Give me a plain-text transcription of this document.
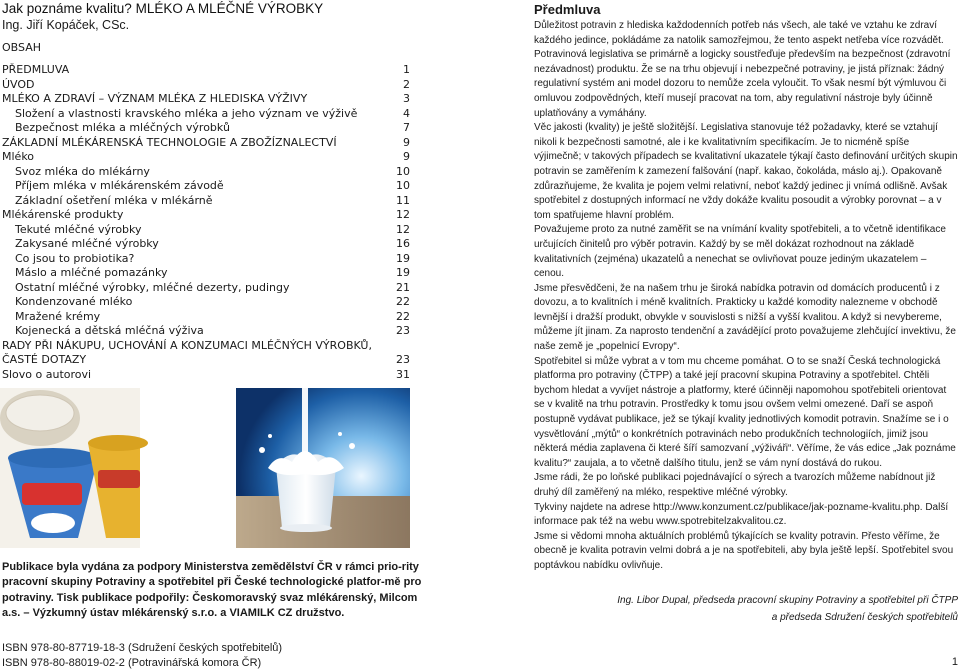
Jak poznáme kvalitu? MLÉKO A MLÉČNÉ VÝROBKY
Ing. Jiří Kopáček, CSc.
OBSAH
PŘEDMLUVA	1
ÚVOD	2
MLÉKO A ZDRAVÍ – VÝZNAM MLÉKA Z HLEDISKA VÝŽIVY	3
Složení a vlastnosti kravského mléka a jeho význam ve výživě	4
Bezpečnost mléka a mléčných výrobků	7
ZÁKLADNÍ MLÉKÁRENSKÁ TECHNOLOGIE A ZBOŽÍZNALECTVÍ	9
Mléko	9
Svoz mléka do mlékárny	10
Příjem mléka v mlékárenském závodě	10
Základní ošetření mléka v mlékárně	11
Mlékárenské produkty	12
Tekuté mléčné výrobky	12
Zakysané mléčné výrobky	16
Co jsou to probiotika?	19
Máslo a mléčné pomazánky	19
Ostatní mléčné výrobky, mléčné dezerty, pudingy	21
Kondenzované mléko	22
Mražené krémy	22
Kojenecká a dětská mléčná výživa	23
RADY PŘI NÁKUPU, UCHOVÁNÍ A KONZUMACI MLÉČNÝCH VÝROBKŮ,
ČASTÉ DOTAZY	23
Slovo o autorovi	31
Publikace byla vydána za podpory Ministerstva zemědělství ČR v rámci prio-rity pracovní skupiny Potraviny a spotřebitel při České technologické platfor-mě pro potraviny. Tisk publikace podpořily: Českomoravský svaz mlékárenský, Milcom a.s. – Výzkumný ústav mlékárenský s.r.o. a VIAMILK CZ družstvo.
ISBN 978-80-87719-18-3 (Sdružení českých spotřebitelů)
ISBN 978-80-88019-02-2 (Potravinářská komora ČR)	1
Předmluva

Důležitost potravin z hlediska každodenních potřeb nás všech, ale také ve vztahu ke zdraví každého jedince, pokládáme za natolik samozřejmou, že tento aspekt netřeba více rozvádět.

Potravinová legislativa se primárně a logicky soustřeďuje především na bezpečnost (zdravotní nezávadnost) produktu. Že se na trhu objevují i nebezpečné potraviny, je jistá příznak: žádný regulativní systém ani model dozoru to nemůže zcela vyloučit. To však nesmí být výmluvou či omluvou zodpovědných, kteří musejí pracovat na tom, aby regulativní nástroje byly účinně uplatňovány a vymáhány.

Věc jakosti (kvality) je ještě složitější. Legislativa stanovuje též požadavky, které se vztahují nikoli k bezpečnosti samotné, ale i ke kvalitativním specifikacím. Je to nicméně spíše výjimečně; v takových případech se kvalitativní ukazatele týkají často definování určitých skupin potravin se zaměřením k zamezení falšování (např. kakao, čokoláda, máslo aj.). Opakovaně zdůrazňujeme, že kvalita je pojem velmi relativní, neboť každý jedinec ji vnímá odlišně. Avšak spotřebitel z dostupných informací ne vždy dokáže kvalitu posoudit a výrobky porovnat – a v tom spatřujeme hlavní problém.

Považujeme proto za nutné zaměřit se na vnímání kvality spotřebiteli, a to včetně identifikace určujících činitelů pro výběr potravin. Každý by se měl dokázat rozhodnout na základě kvalitativních (zejména) ukazatelů a nenechat se ovlivňovat pouze jediným ukazatelem – cenou.

Jsme přesvědčeni, že na našem trhu je široká nabídka potravin od domácích producentů i z dovozu, a to kvalitních i méně kvalitních. Prakticky u každé komodity nalezneme v obchodě levnější i dražší produkt, obvykle v souvislosti s nižší a vyšší kvalitou. A když si nevybereme, můžeme jít jinam. Za naprosto tendenční a zavádějící proto považujeme zlehčující invektivu, že naše země je „popelnicí Evropy“.

Spotřebitel si může vybrat a v tom mu chceme pomáhat. O to se snaží Česká technologická platforma pro potraviny (ČTPP) a také její pracovní skupina Potraviny a spotřebitel. Chtěli bychom hledat a vyvíjet nástroje a platformy, které účinněji napomohou spotřebiteli orientovat se v kvalitě na trhu potravin. Prostředky k tomu jsou ovšem velmi omezené. Daří se aspoň postupně vydávat publikace, jež se týkají kvality jednotlivých komodit potravin. Snažíme se i o vysvětlování „mýtů“ o konkrétních potravinách nebo produkčních technologiích, jimiž jsou některá média zaplavena či které šíří samozvaní „výživáři“. Věříme, že vás edice „Jak poznáme kvalitu?“ zaujala, a to včetně dalšího titulu, jenž se vám nyní dostává do rukou.

Jsme rádi, že po loňské publikaci pojednávající o sýrech a tvarozích můžeme nabídnout již druhý díl zaměřený na mléko, respektive mléčné výrobky.

Tykviny najdete na adrese http://www.konzument.cz/publikace/jak-pozname-kvalitu.php. Další informace pak též na webu www.spotrebitelzakvalitou.cz.

Jsme si vědomi mnoha aktuálních problémů týkajících se kvality potravin. Přesto věříme, že obecně je kvalita potravin velmi dobrá a je na spotřebiteli, aby byla ještě lepší. Spotřebitel svou poptávkou nabídku ovlivňuje.

Ing. Libor Dupal, předseda pracovní skupiny Potraviny a spotřebitel při ČTPP
a předseda Sdružení českých spotřebitelů
